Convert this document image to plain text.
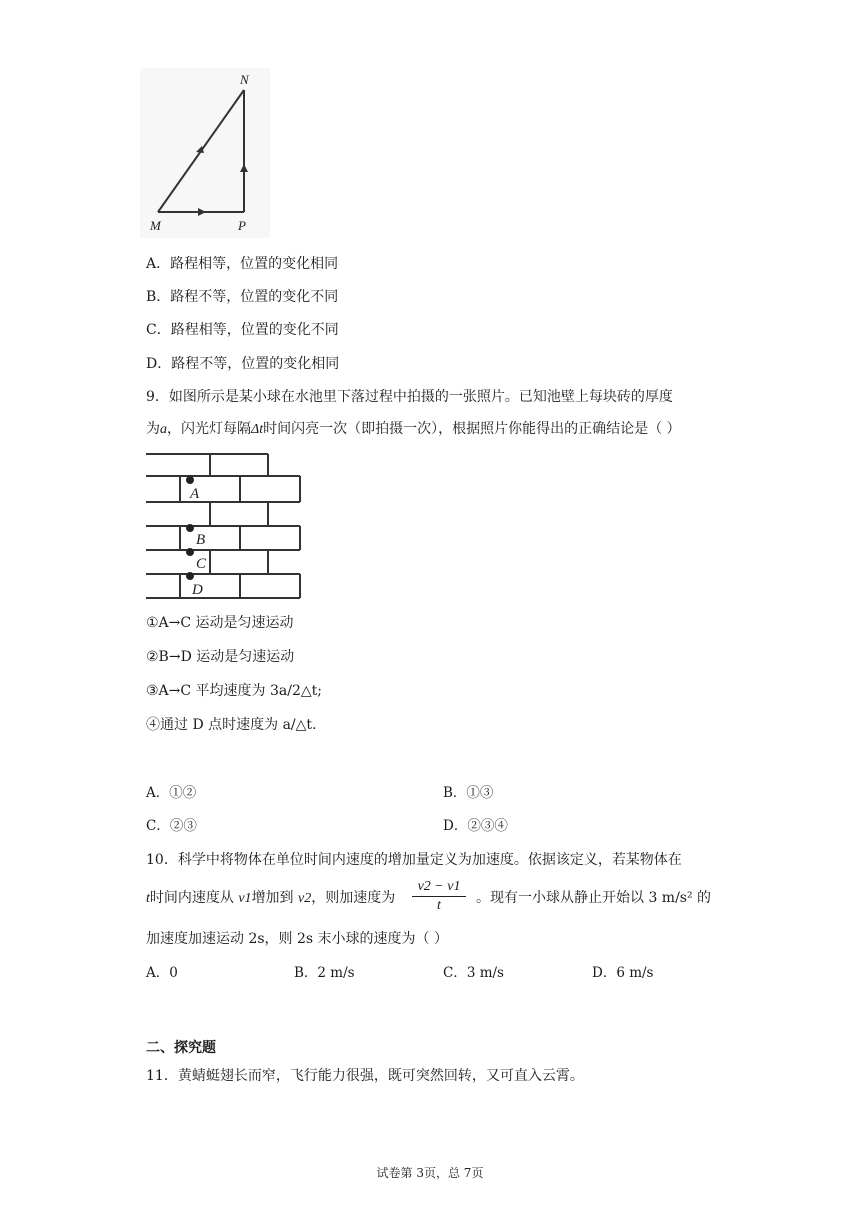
N
M	P
A．路程相等，位置的变化相同
B．路程不等，位置的变化不同
C．路程相等，位置的变化不同
D．路程不等，位置的变化相同
9．如图所示是某小球在水池里下落过程中拍摄的一张照片。已知池壁上每块砖的厚度
为a，闪光灯每隔Δt时间闪亮一次（即拍摄一次），根据照片你能得出的正确结论是（ ）
A
B
C
D
①A→C 运动是匀速运动
②B→D 运动是匀速运动
③A→C 平均速度为 3a/2△t;
④通过 D 点时速度为 a/△t.
A．①②	B．①③
C．②③	D．②③④
10．科学中将物体在单位时间内速度的增加量定义为加速度。依据该定义，若某物体在
t时间内速度从 v1增加到 v2，则加速度为 $\frac{v2 - v1}{t}$ 。现有一小球从静止开始以 3 m/s² 的
加速度加速运动 2s，则 2s 末小球的速度为（ ）
A．0	B．2 m/s	C．3 m/s	D．6 m/s
二、探究题
11．黄蜻蜓翅长而窄，飞行能力很强，既可突然回转，又可直入云霄。
试卷第 3页，总 7页
